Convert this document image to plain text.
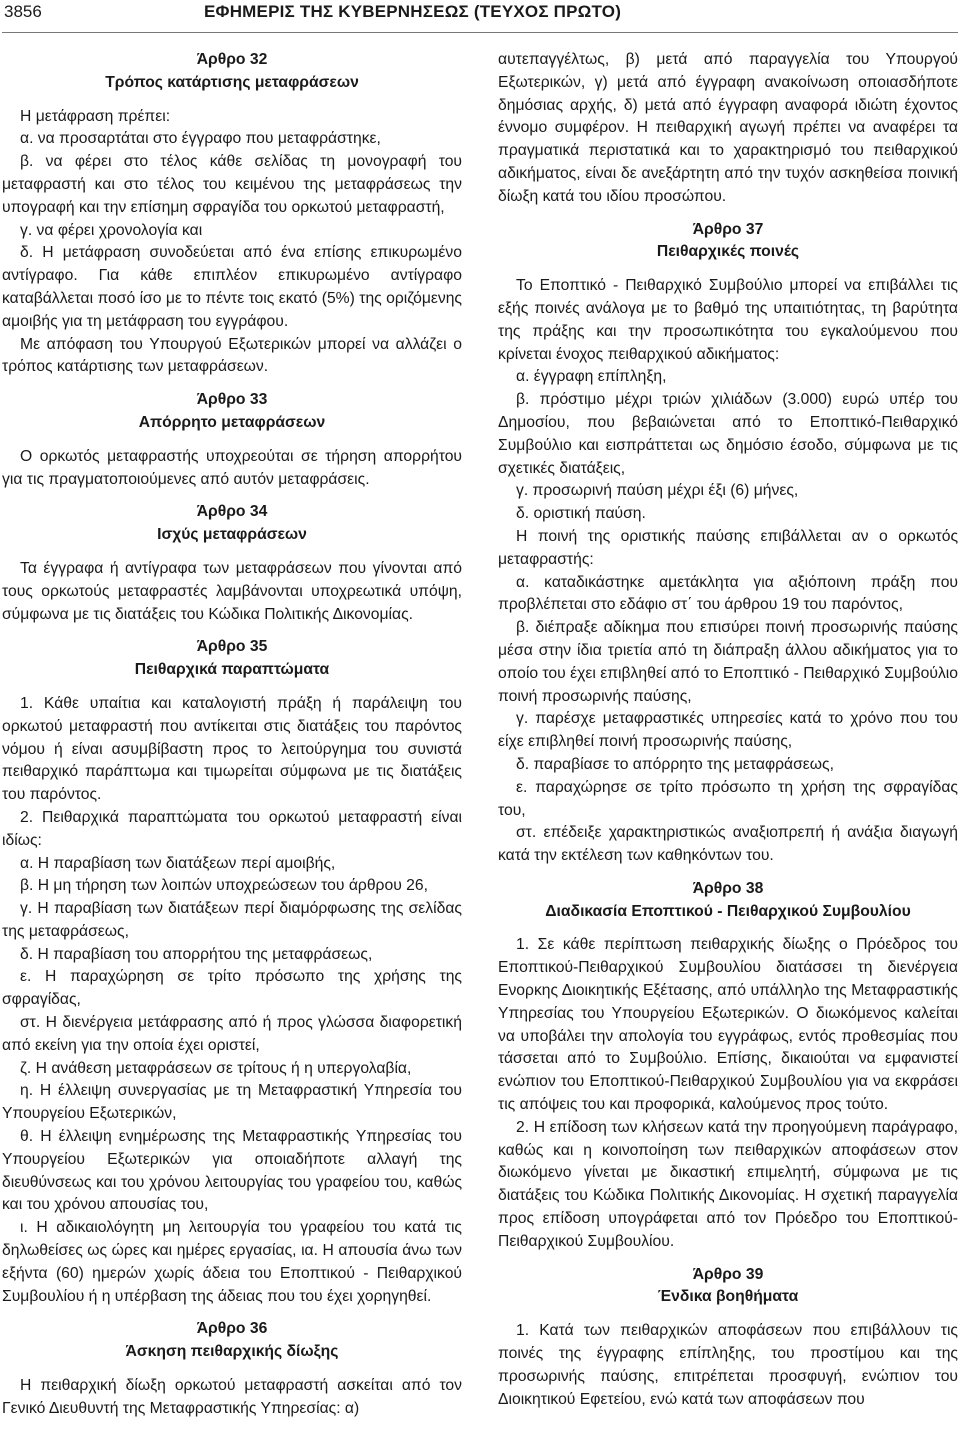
3856	ΕΦΗΜΕΡΙΣ ΤΗΣ ΚΥΒΕΡΝΗΣΕΩΣ (ΤΕΥΧΟΣ ΠΡΩΤΟ)

Άρθρο 32

Τρόπος κατάρτισης μεταφράσεων

Η μετάφραση πρέπει:

α. να προσαρτάται στο έγγραφο που μεταφράστηκε,

β. να φέρει στο τέλος κάθε σελίδας τη μονογραφή του μεταφραστή και στο τέλος του κειμένου της μεταφράσεως την υπογραφή και την επίσημη σφραγίδα του ορκωτού μεταφραστή,

γ. να φέρει χρονολογία και

δ. Η μετάφραση συνοδεύεται από ένα επίσης επικυρωμένο αντίγραφο. Για κάθε επιπλέον επικυρωμένο αντίγραφο καταβάλλεται ποσό ίσο με το πέντε τοις εκατό (5%) της οριζόμενης αμοιβής για τη μετάφραση του εγγράφου.

Με απόφαση του Υπουργού Εξωτερικών μπορεί να αλλάζει ο τρόπος κατάρτισης των μεταφράσεων.

Άρθρο 33

Απόρρητο μεταφράσεων

Ο ορκωτός μεταφραστής υποχρεούται σε τήρηση απορρήτου για τις πραγματοποιούμενες από αυτόν μεταφράσεις.

Άρθρο 34

Ισχύς μεταφράσεων

Τα έγγραφα ή αντίγραφα των μεταφράσεων που γίνονται από τους ορκωτούς μεταφραστές λαμβάνονται υποχρεωτικά υπόψη, σύμφωνα με τις διατάξεις του Κώδικα Πολιτικής Δικονομίας.

Άρθρο 35

Πειθαρχικά παραπτώματα

1. Κάθε υπαίτια και καταλογιστή πράξη ή παράλειψη του ορκωτού μεταφραστή που αντίκειται στις διατάξεις του παρόντος νόμου ή είναι ασυμβίβαστη προς το λειτούργημα του συνιστά πειθαρχικό παράπτωμα και τιμωρείται σύμφωνα με τις διατάξεις του παρόντος.

2. Πειθαρχικά παραπτώματα του ορκωτού μεταφραστή είναι ιδίως:

α. Η παραβίαση των διατάξεων περί αμοιβής,

β. Η μη τήρηση των λοιπών υποχρεώσεων του άρθρου 26,

γ. Η παραβίαση των διατάξεων περί διαμόρφωσης της σελίδας της μεταφράσεως,

δ. Η παραβίαση του απορρήτου της μεταφράσεως,

ε. Η παραχώρηση σε τρίτο πρόσωπο της χρήσης της σφραγίδας,

στ. Η διενέργεια μετάφρασης από ή προς γλώσσα διαφορετική από εκείνη για την οποία έχει οριστεί,

ζ. Η ανάθεση μεταφράσεων σε τρίτους ή η υπεργολαβία,

η. Η έλλειψη συνεργασίας με τη Μεταφραστική Υπηρεσία του Υπουργείου Εξωτερικών,

θ. Η έλλειψη ενημέρωσης της Μεταφραστικής Υπηρεσίας του Υπουργείου Εξωτερικών για οποιαδήποτε αλλαγή της διευθύνσεως και του χρόνου λειτουργίας του γραφείου του, καθώς και του χρόνου απουσίας του,

ι. Η αδικαιολόγητη μη λειτουργία του γραφείου του κατά τις δηλωθείσες ως ώρες και ημέρες εργασίας, ια. Η απουσία άνω των εξήντα (60) ημερών χωρίς άδεια του Εποπτικού - Πειθαρχικού Συμβουλίου ή η υπέρβαση της άδειας που του έχει χορηγηθεί.

Άρθρο 36

Άσκηση πειθαρχικής δίωξης

Η πειθαρχική δίωξη ορκωτού μεταφραστή ασκείται από τον Γενικό Διευθυντή της Μεταφραστικής Υπηρεσίας: α)

αυτεπαγγέλτως, β) μετά από παραγγελία του Υπουργού Εξωτερικών, γ) μετά από έγγραφη ανακοίνωση οποιασδήποτε δημόσιας αρχής, δ) μετά από έγγραφη αναφορά ιδιώτη έχοντος έννομο συμφέρον. Η πειθαρχική αγωγή πρέπει να αναφέρει τα πραγματικά περιστατικά και το χαρακτηρισμό του πειθαρχικού αδικήματος, είναι δε ανεξάρτητη από την τυχόν ασκηθείσα ποινική δίωξη κατά του ιδίου προσώπου.

Άρθρο 37

Πειθαρχικές ποινές

Το Εποπτικό - Πειθαρχικό Συμβούλιο μπορεί να επιβάλλει τις εξής ποινές ανάλογα με το βαθμό της υπαιτιότητας, τη βαρύτητα της πράξης και την προσωπικότητα του εγκαλούμενου που κρίνεται ένοχος πειθαρχικού αδικήματος:

α. έγγραφη επίπληξη,

β. πρόστιμο μέχρι τριών χιλιάδων (3.000) ευρώ υπέρ του Δημοσίου, που βεβαιώνεται από το Εποπτικό-Πειθαρχικό Συμβούλιο και εισπράττεται ως δημόσιο έσοδο, σύμφωνα με τις σχετικές διατάξεις,

γ. προσωρινή παύση μέχρι έξι (6) μήνες,

δ. οριστική παύση.

Η ποινή της οριστικής παύσης επιβάλλεται αν ο ορκωτός μεταφραστής:

α. καταδικάστηκε αμετάκλητα για αξιόποινη πράξη που προβλέπεται στο εδάφιο στ΄ του άρθρου 19 του παρόντος,

β. διέπραξε αδίκημα που επισύρει ποινή προσωρινής παύσης μέσα στην ίδια τριετία από τη διάπραξη άλλου αδικήματος για το οποίο του έχει επιβληθεί από το Εποπτικό - Πειθαρχικό Συμβούλιο ποινή προσωρινής παύσης,

γ. παρέσχε μεταφραστικές υπηρεσίες κατά το χρόνο που του είχε επιβληθεί ποινή προσωρινής παύσης,

δ. παραβίασε το απόρρητο της μεταφράσεως,

ε. παραχώρησε σε τρίτο πρόσωπο τη χρήση της σφραγίδας του,

στ. επέδειξε χαρακτηριστικώς αναξιοπρεπή ή ανάξια διαγωγή κατά την εκτέλεση των καθηκόντων του.

Άρθρο 38

Διαδικασία Εποπτικού - Πειθαρχικού Συμβουλίου

1. Σε κάθε περίπτωση πειθαρχικής δίωξης ο Πρόεδρος του Εποπτικού-Πειθαρχικού Συμβουλίου διατάσσει τη διενέργεια Ενορκης Διοικητικής Εξέτασης, από υπάλληλο της Μεταφραστικής Υπηρεσίας του Υπουργείου Εξωτερικών. Ο διωκόμενος καλείται να υποβάλει την απολογία του εγγράφως, εντός προθεσμίας που τάσσεται από το Συμβούλιο. Επίσης, δικαιούται να εμφανιστεί ενώπιον του Εποπτικού-Πειθαρχικού Συμβουλίου για να εκφράσει τις απόψεις του και προφορικά, καλούμενος προς τούτο.

2. Η επίδοση των κλήσεων κατά την προηγούμενη παράγραφο, καθώς και η κοινοποίηση των πειθαρχικών αποφάσεων στον διωκόμενο γίνεται με δικαστική επιμελητή, σύμφωνα με τις διατάξεις του Κώδικα Πολιτικής Δικονομίας. Η σχετική παραγγελία προς επίδοση υπογράφεται από τον Πρόεδρο του Εποπτικού-Πειθαρχικού Συμβουλίου.

Άρθρο 39

Ένδικα βοηθήματα

1. Κατά των πειθαρχικών αποφάσεων που επιβάλλουν τις ποινές της έγγραφης επίπληξης, του προστίμου και της προσωρινής παύσης, επιτρέπεται προσφυγή, ενώπιον του Διοικητικού Εφετείου, ενώ κατά των αποφάσεων που
